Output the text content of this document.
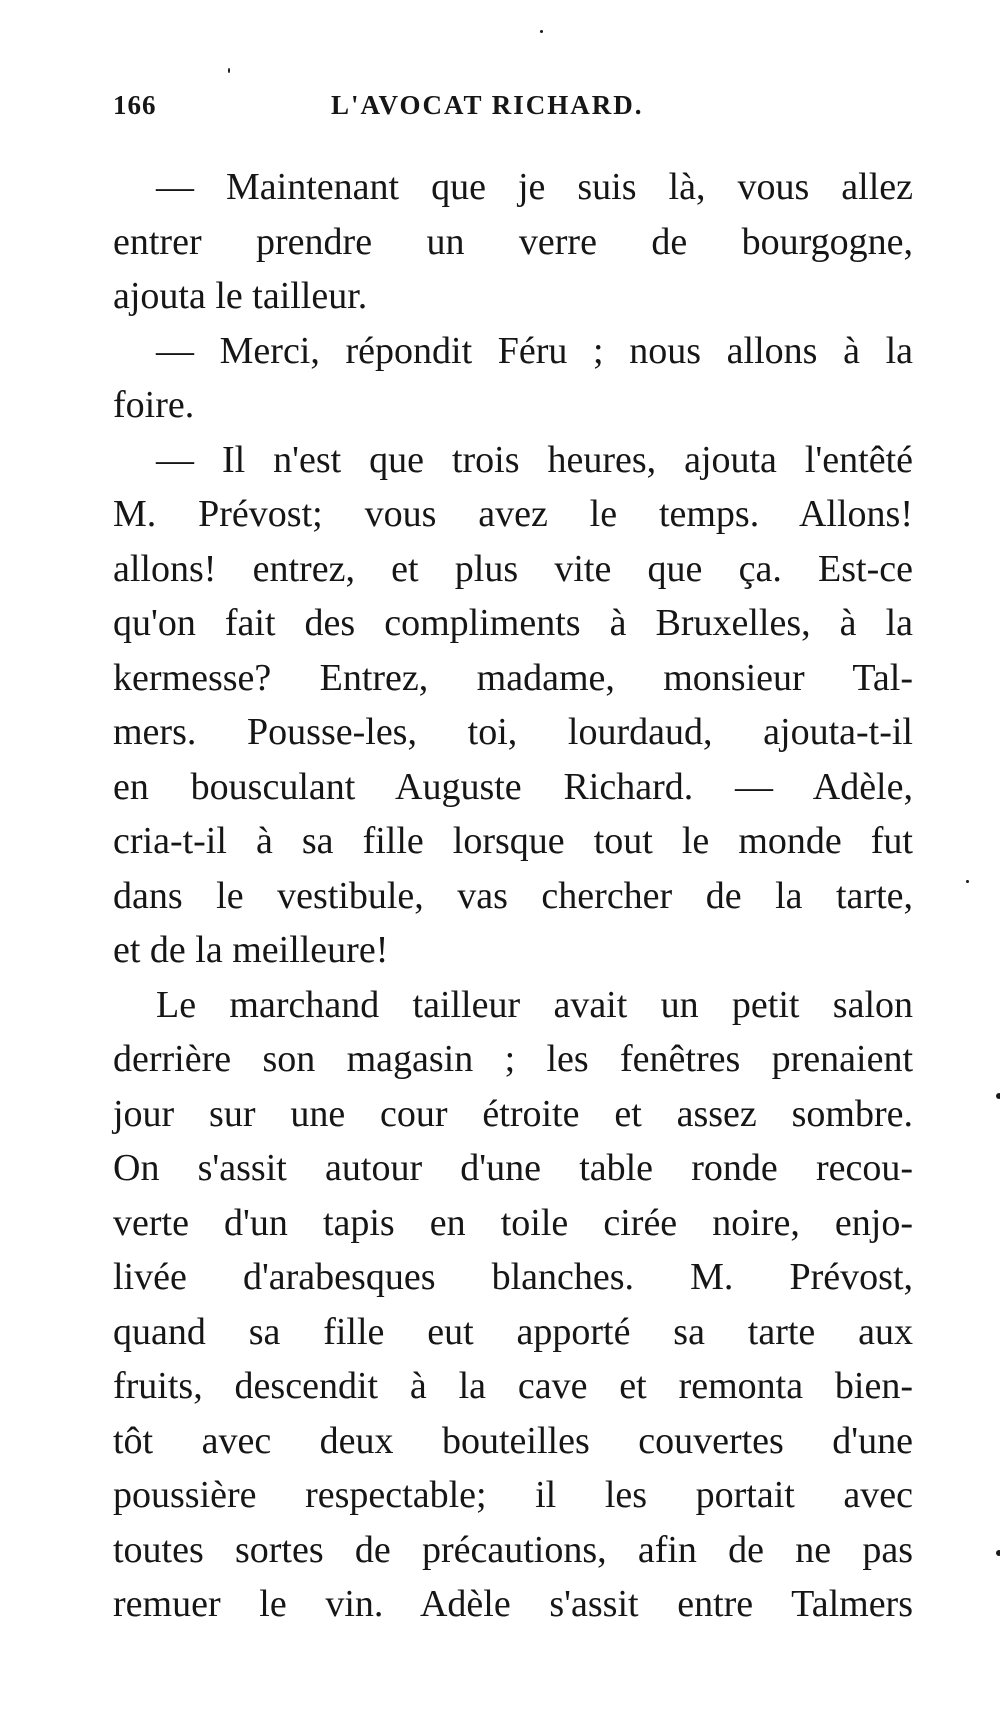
166	L'AVOCAT RICHARD.
— Maintenant que je suis là, vous allez
entrer prendre un verre de bourgogne,
ajouta le tailleur.
— Merci, répondit Féru ; nous allons à la
foire.
— Il n'est que trois heures, ajouta l'entêté
M. Prévost; vous avez le temps. Allons!
allons! entrez, et plus vite que ça. Est-ce
qu'on fait des compliments à Bruxelles, à la
kermesse? Entrez, madame, monsieur Tal-
mers. Pousse-les, toi, lourdaud, ajouta-t-il
en bousculant Auguste Richard. — Adèle,
cria-t-il à sa fille lorsque tout le monde fut
dans le vestibule, vas chercher de la tarte,
et de la meilleure!
Le marchand tailleur avait un petit salon
derrière son magasin ; les fenêtres prenaient
jour sur une cour étroite et assez sombre.
On s'assit autour d'une table ronde recou-
verte d'un tapis en toile cirée noire, enjo-
livée d'arabesques blanches. M. Prévost,
quand sa fille eut apporté sa tarte aux
fruits, descendit à la cave et remonta bien-
tôt avec deux bouteilles couvertes d'une
poussière respectable; il les portait avec
toutes sortes de précautions, afin de ne pas
remuer le vin. Adèle s'assit entre Talmers
